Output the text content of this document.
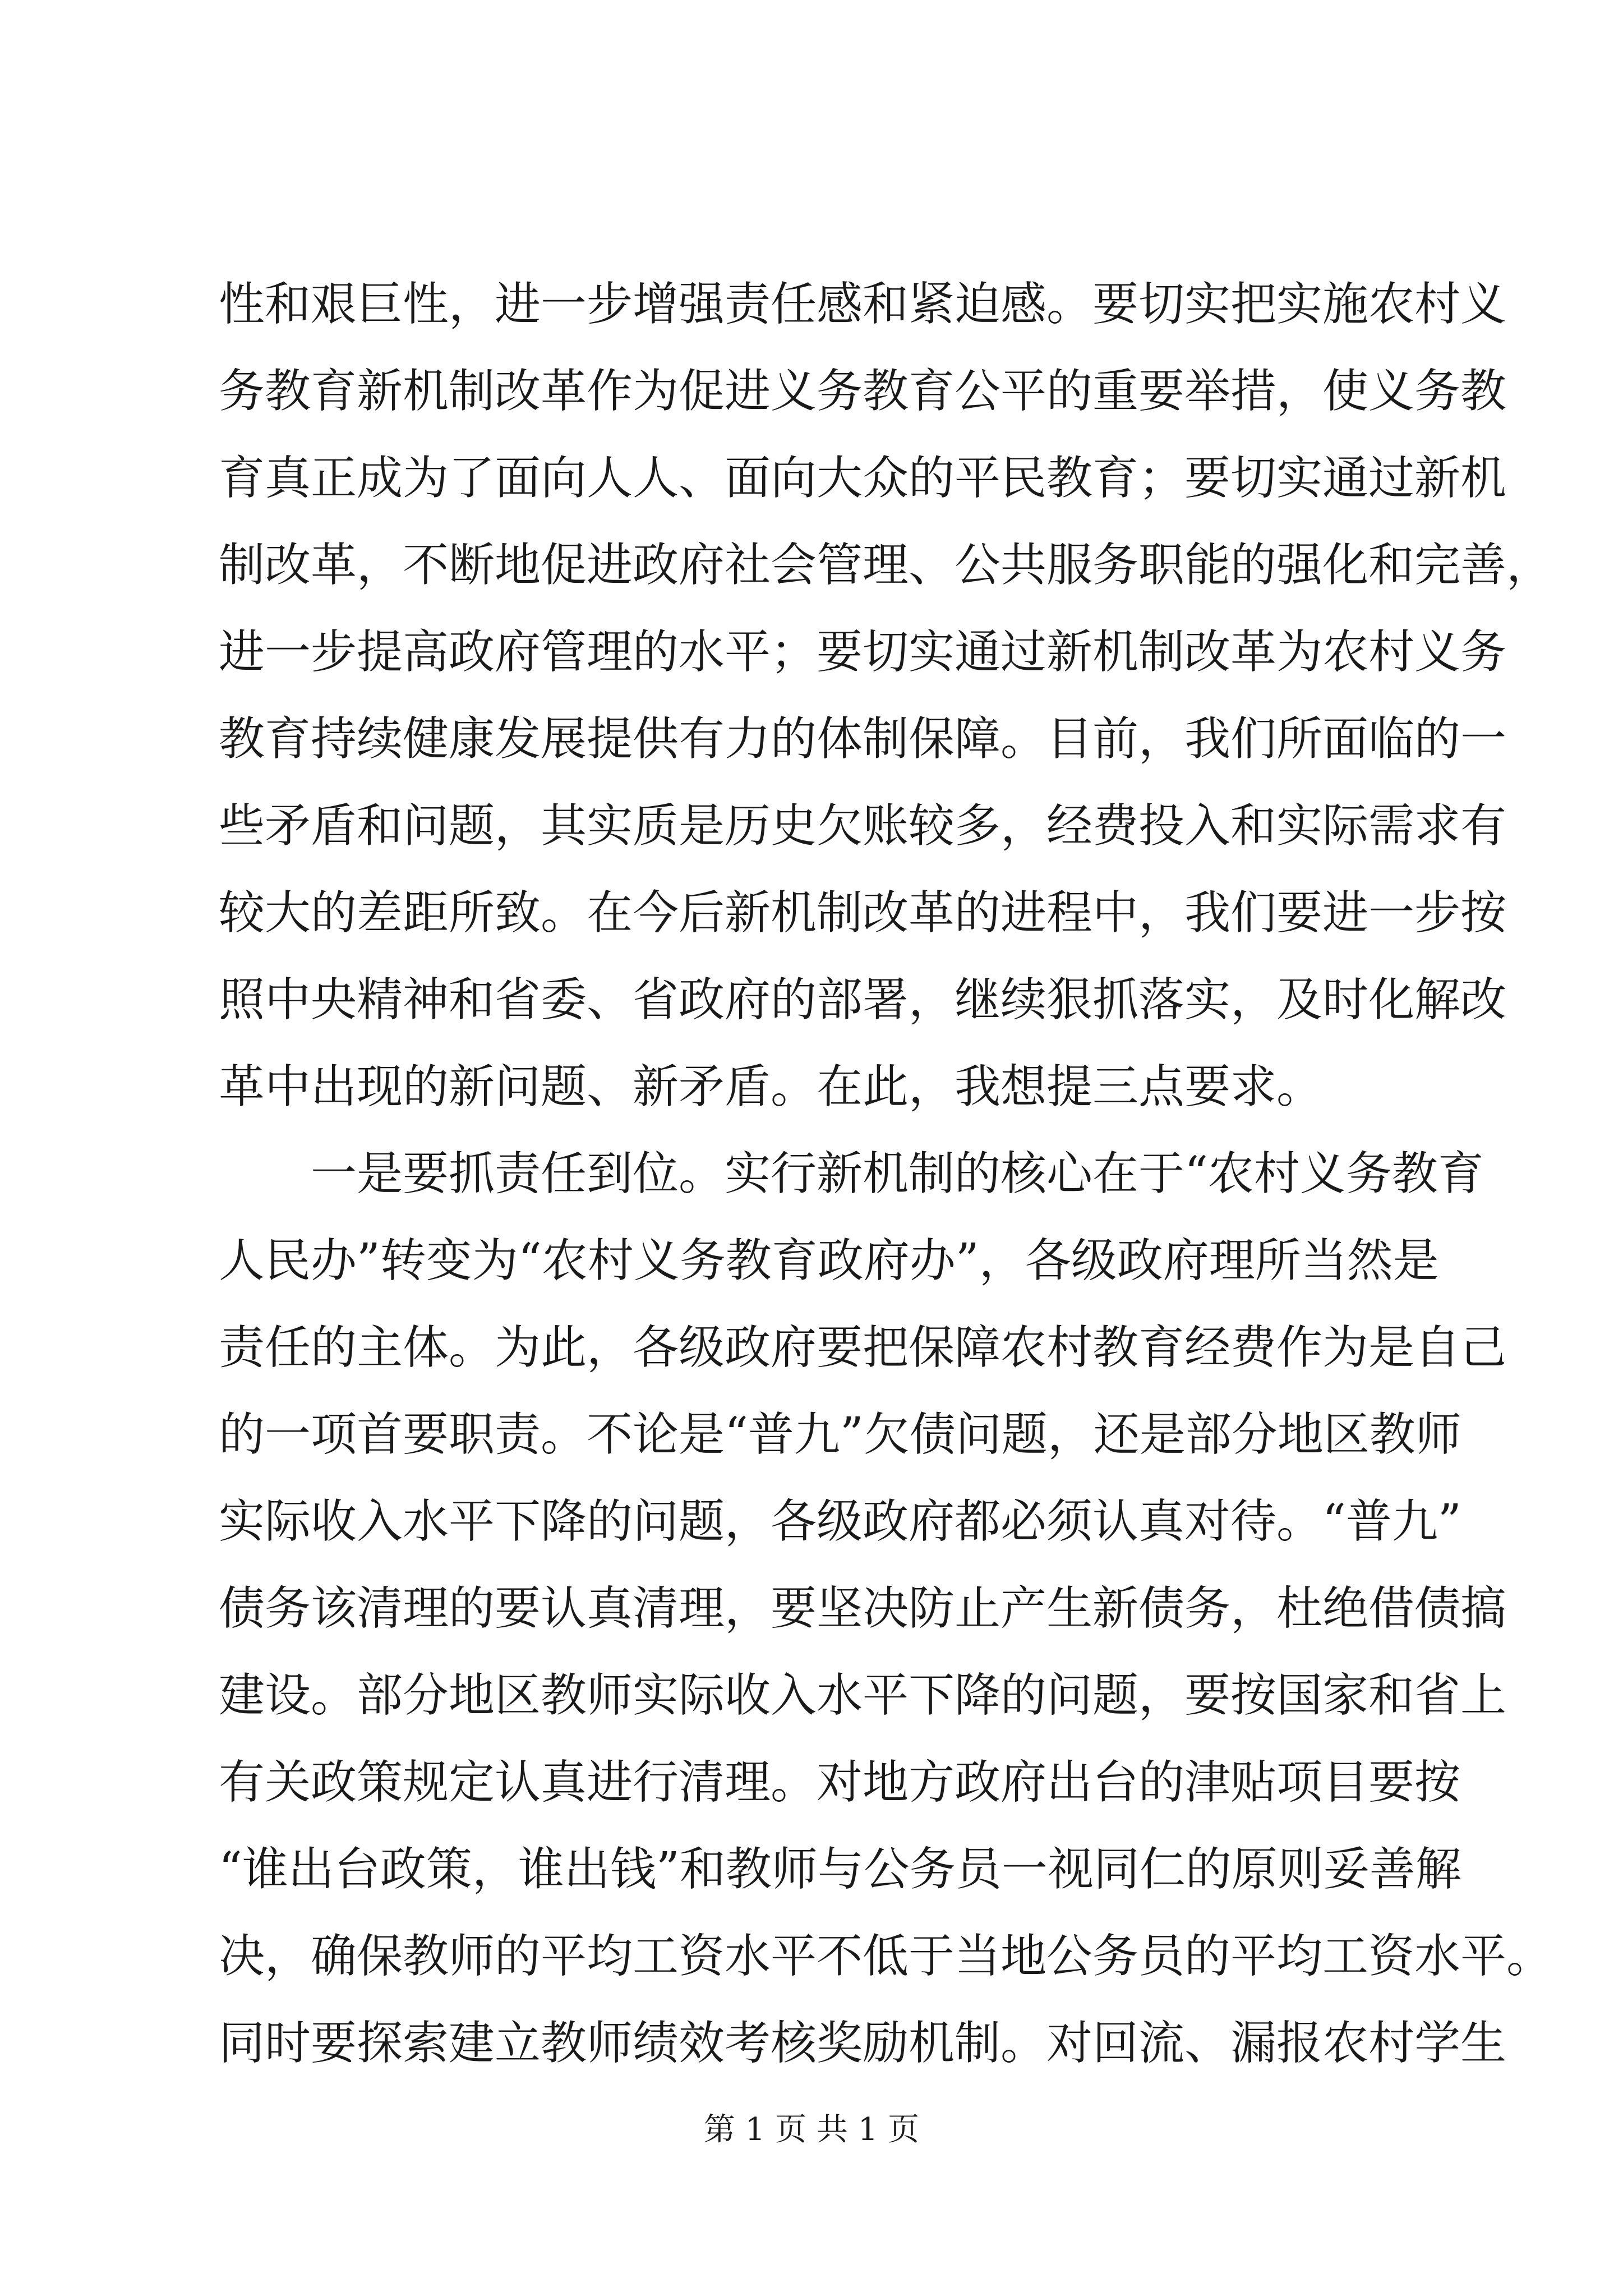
性和艰巨性，进一步增强责任感和紧迫感。要切实把实施农村义
务教育新机制改革作为促进义务教育公平的重要举措，使义务教
育真正成为了面向人人、面向大众的平民教育；要切实通过新机
制改革，不断地促进政府社会管理、公共服务职能的强化和完善，
进一步提高政府管理的水平；要切实通过新机制改革为农村义务
教育持续健康发展提供有力的体制保障。目前，我们所面临的一
些矛盾和问题，其实质是历史欠账较多，经费投入和实际需求有
较大的差距所致。在今后新机制改革的进程中，我们要进一步按
照中央精神和省委、省政府的部署，继续狠抓落实，及时化解改
革中出现的新问题、新矛盾。在此，我想提三点要求。
一是要抓责任到位。实行新机制的核心在于“农村义务教育
人民办”转变为“农村义务教育政府办”，各级政府理所当然是
责任的主体。为此，各级政府要把保障农村教育经费作为是自己
的一项首要职责。不论是“普九”欠债问题，还是部分地区教师
实际收入水平下降的问题，各级政府都必须认真对待。“普九”
债务该清理的要认真清理，要坚决防止产生新债务，杜绝借债搞
建设。部分地区教师实际收入水平下降的问题，要按国家和省上
有关政策规定认真进行清理。对地方政府出台的津贴项目要按
“谁出台政策，谁出钱”和教师与公务员一视同仁的原则妥善解
决，确保教师的平均工资水平不低于当地公务员的平均工资水平。
同时要探索建立教师绩效考核奖励机制。对回流、漏报农村学生
第 1 页 共 1 页
